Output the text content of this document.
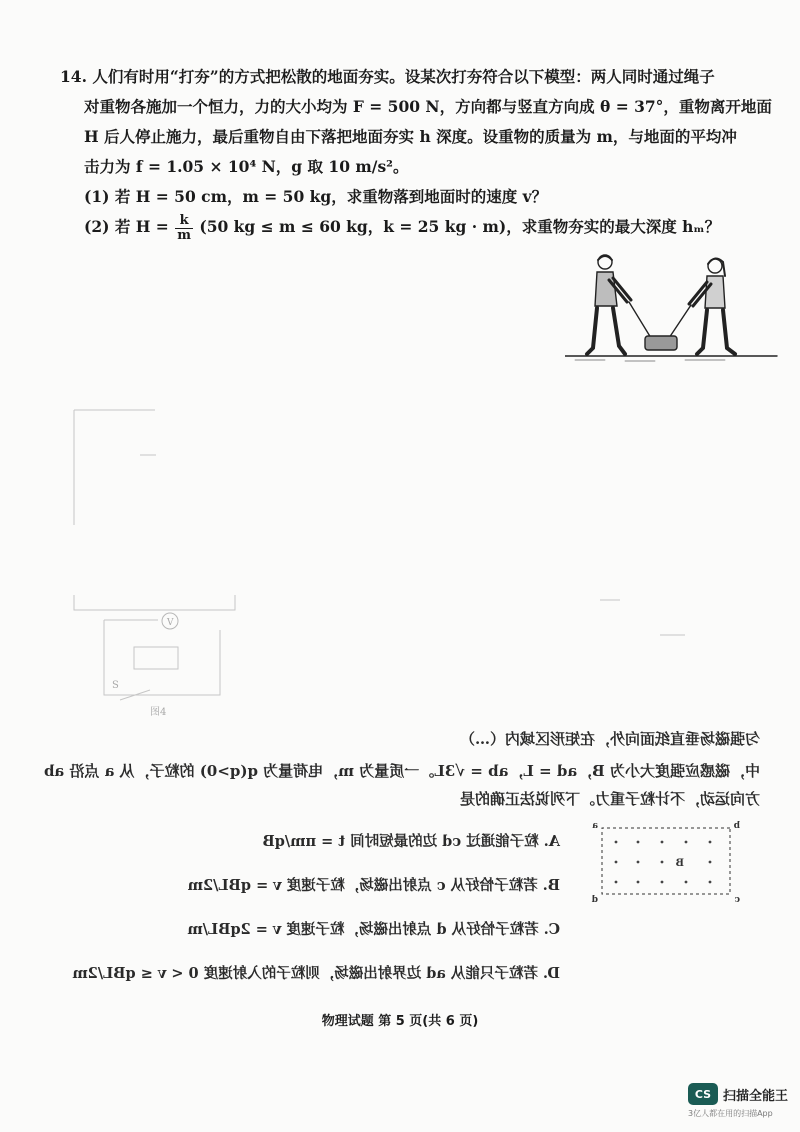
14. 人们有时用“打夯”的方式把松散的地面夯实。设某次打夯符合以下模型：两人同时通过绳子
对重物各施加一个恒力，力的大小均为 F = 500 N，方向都与竖直方向成 θ = 37°，重物离开地面
H 后人停止施力，最后重物自由下落把地面夯实 h 深度。设重物的质量为 m，与地面的平均冲
击力为 f = 1.05 × 10⁴ N，g 取 10 m/s²。
(1) 若 H = 50 cm，m = 50 kg，求重物落到地面时的速度 v？
(2) 若 $H = \frac{k}{m} (50$ kg ≤ m ≤ 60 kg，k = 25 kg · m)，求重物夯实的最大深度 hₘ？
V
S
图4
匀强磁场垂直纸面向外，在矩形区域内（…）
中，磁感应强度大小为 B，ad = L，ab = √3L。一质量为 m，电荷量为 q(q>0) 的粒子，从 a 点沿 ab
方向运动，不计粒子重力。下列说法正确的是
A. 粒子能通过 cd 边的最短时间 t = πm/qB
B. 若粒子恰好从 c 点射出磁场，粒子速度 v = qBL/2m
C. 若粒子恰好从 d 点射出磁场，粒子速度 v = 2qBL/m
D. 若粒子只能从 ad 边界射出磁场，则粒子的入射速度 0 < v ≤ qBL/2m
B
b
a
c
d
物理试题 第 5 页(共 6 页)
CS 扫描全能王
3亿人都在用的扫描App
